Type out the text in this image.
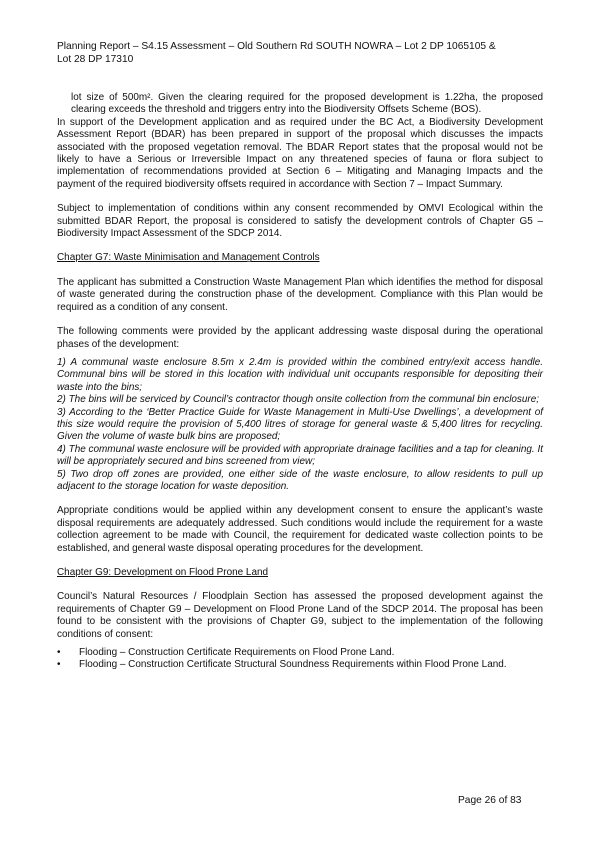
Planning Report – S4.15 Assessment – Old Southern Rd SOUTH NOWRA – Lot 2 DP 1065105 &
Lot 28 DP 17310

lot size of 500m². Given the clearing required for the proposed development is 1.22ha, the proposed clearing exceeds the threshold and triggers entry into the Biodiversity Offsets Scheme (BOS).

In support of the Development application and as required under the BC Act, a Biodiversity Development Assessment Report (BDAR) has been prepared in support of the proposal which discusses the impacts associated with the proposed vegetation removal. The BDAR Report states that the proposal would not be likely to have a Serious or Irreversible Impact on any threatened species of fauna or flora subject to implementation of recommendations provided at Section 6 – Mitigating and Managing Impacts and the payment of the required biodiversity offsets required in accordance with Section 7 – Impact Summary.

Subject to implementation of conditions within any consent recommended by OMVI Ecological within the submitted BDAR Report, the proposal is considered to satisfy the development controls of Chapter G5 – Biodiversity Impact Assessment of the SDCP 2014.

Chapter G7: Waste Minimisation and Management Controls

The applicant has submitted a Construction Waste Management Plan which identifies the method for disposal of waste generated during the construction phase of the development. Compliance with this Plan would be required as a condition of any consent.

The following comments were provided by the applicant addressing waste disposal during the operational phases of the development:

1) A communal waste enclosure 8.5m x 2.4m is provided within the combined entry/exit access handle. Communal bins will be stored in this location with individual unit occupants responsible for depositing their waste into the bins;

2) The bins will be serviced by Council’s contractor though onsite collection from the communal bin enclosure;

3) According to the ‘Better Practice Guide for Waste Management in Multi-Use Dwellings’, a development of this size would require the provision of 5,400 litres of storage for general waste & 5,400 litres for recycling. Given the volume of waste bulk bins are proposed;

4) The communal waste enclosure will be provided with appropriate drainage facilities and a tap for cleaning. It will be appropriately secured and bins screened from view;

5) Two drop off zones are provided, one either side of the waste enclosure, to allow residents to pull up adjacent to the storage location for waste deposition.

Appropriate conditions would be applied within any development consent to ensure the applicant’s waste disposal requirements are adequately addressed. Such conditions would include the requirement for a waste collection agreement to be made with Council, the requirement for dedicated waste collection points to be established, and general waste disposal operating procedures for the development.

Chapter G9: Development on Flood Prone Land

Council’s Natural Resources / Floodplain Section has assessed the proposed development against the requirements of Chapter G9 – Development on Flood Prone Land of the SDCP 2014. The proposal has been found to be consistent with the provisions of Chapter G9, subject to the implementation of the following conditions of consent:

• Flooding – Construction Certificate Requirements on Flood Prone Land.
• Flooding – Construction Certificate Structural Soundness Requirements within Flood Prone Land.
Page 26 of 83
